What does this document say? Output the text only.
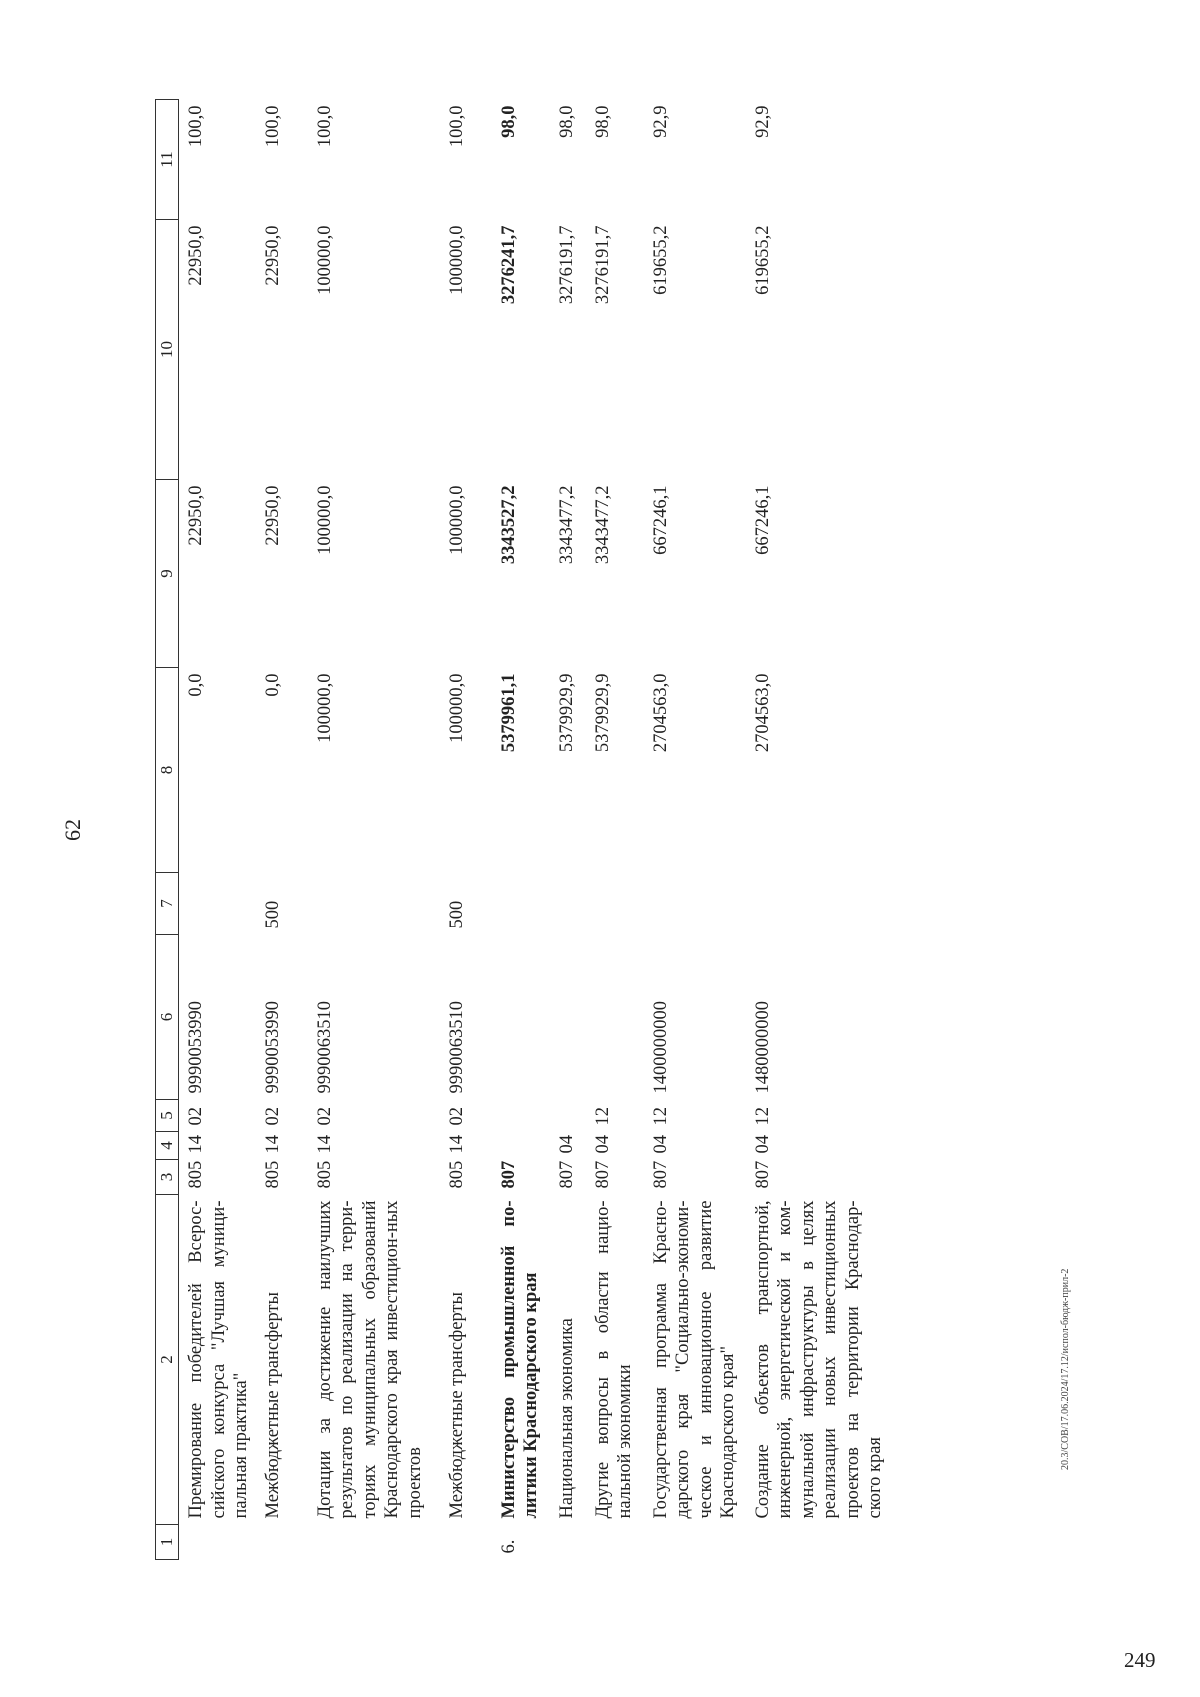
62
1	2	3	4	5	6	7	8	9	10	11
	Премирование победителей Всерос-сийского конкурса "Лучшая муници-пальная практика"	805	14	02	9990053990		0,0	22950,0	22950,0	100,0
	Межбюджетные трансферты	805	14	02	9990053990	500	0,0	22950,0	22950,0	100,0
	Дотации за достижение наилучших результатов по реализации на терри-ториях муниципальных образований Краснодарского края инвестицион-ных проектов	805	14	02	9990063510		100000,0	100000,0	100000,0	100,0
	Межбюджетные трансферты	805	14	02	9990063510	500	100000,0	100000,0	100000,0	100,0
6.	Министерство промышленной по-литики Краснодарского края	807					5379961,1	3343527,2	3276241,7	98,0
	Национальная экономика	807	04				5379929,9	3343477,2	3276191,7	98,0
	Другие вопросы в области нацио-нальной экономики	807	04	12			5379929,9	3343477,2	3276191,7	98,0
	Государственная программа Красно-дарского края "Социально-экономи-ческое и инновационное развитие Краснодарского края"	807	04	12	1400000000		2704563,0	667246,1	619655,2	92,9
	Создание объектов транспортной, инженерной, энергетической и ком-мунальной инфраструктуры в целях реализации новых инвестиционных проектов на территории Краснодар-ского края	807	04	12	1480000000		2704563,0	667246,1	619655,2	92,9
20.3/СОВ/17.06.2024/17.12/испол-бюдж-прил-2
249
